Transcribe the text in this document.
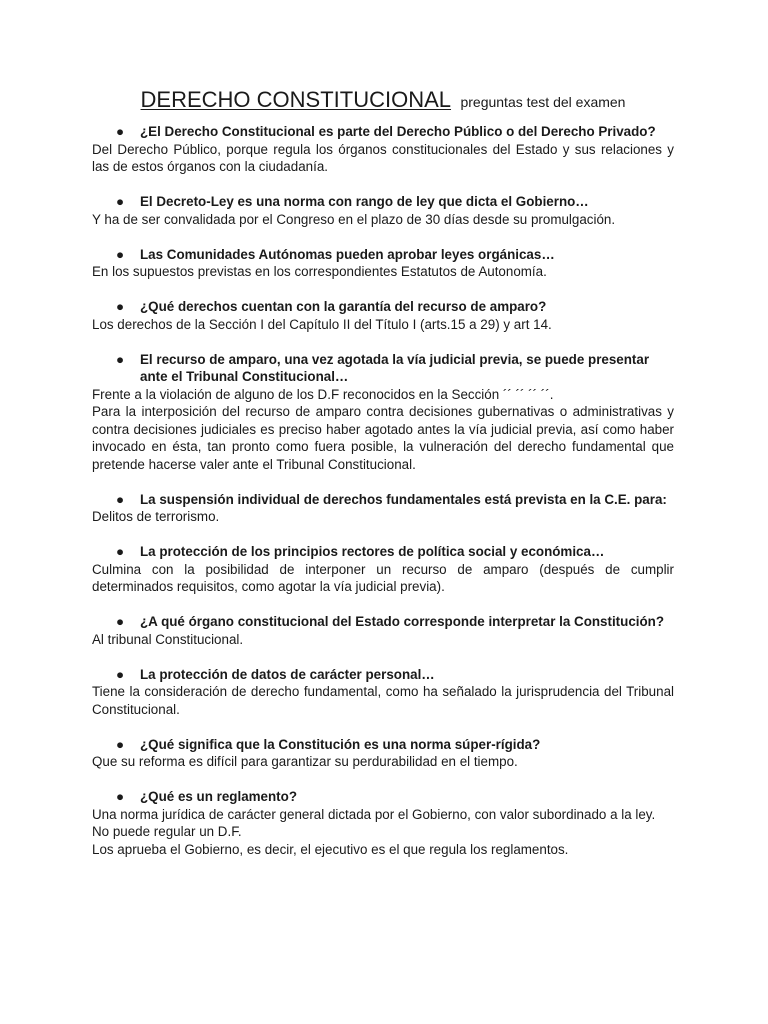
DERECHO CONSTITUCIONAL preguntas test del examen
● ¿El Derecho Constitucional es parte del Derecho Público o del Derecho Privado?
Del Derecho Público, porque regula los órganos constitucionales del Estado y sus relaciones y las de estos órganos con la ciudadanía.
● El Decreto-Ley es una norma con rango de ley que dicta el Gobierno…
Y ha de ser convalidada por el Congreso en el plazo de 30 días desde su promulgación.
● Las Comunidades Autónomas pueden aprobar leyes orgánicas…
En los supuestos previstas en los correspondientes Estatutos de Autonomía.
● ¿Qué derechos cuentan con la garantía del recurso de amparo?
Los derechos de la Sección I del Capítulo II del Título I (arts.15 a 29) y art 14.
● El recurso de amparo, una vez agotada la vía judicial previa, se puede presentar ante el Tribunal Constitucional…
Frente a la violación de alguno de los D.F reconocidos en la Sección ´´ ´´ ´´ ´´.
Para la interposición del recurso de amparo contra decisiones gubernativas o administrativas y contra decisiones judiciales es preciso haber agotado antes la vía judicial previa, así como haber invocado en ésta, tan pronto como fuera posible, la vulneración del derecho fundamental que pretende hacerse valer ante el Tribunal Constitucional.
● La suspensión individual de derechos fundamentales está prevista en la C.E. para:
Delitos de terrorismo.
● La protección de los principios rectores de política social y económica…
Culmina con la posibilidad de interponer un recurso de amparo (después de cumplir determinados requisitos, como agotar la vía judicial previa).
● ¿A qué órgano constitucional del Estado corresponde interpretar la Constitución?
Al tribunal Constitucional.
● La protección de datos de carácter personal…
Tiene la consideración de derecho fundamental, como ha señalado la jurisprudencia del Tribunal Constitucional.
● ¿Qué significa que la Constitución es una norma súper-rígida?
Que su reforma es difícil para garantizar su perdurabilidad en el tiempo.
● ¿Qué es un reglamento?
Una norma jurídica de carácter general dictada por el Gobierno, con valor subordinado a la ley.
No puede regular un D.F.
Los aprueba el Gobierno, es decir, el ejecutivo es el que regula los reglamentos.
